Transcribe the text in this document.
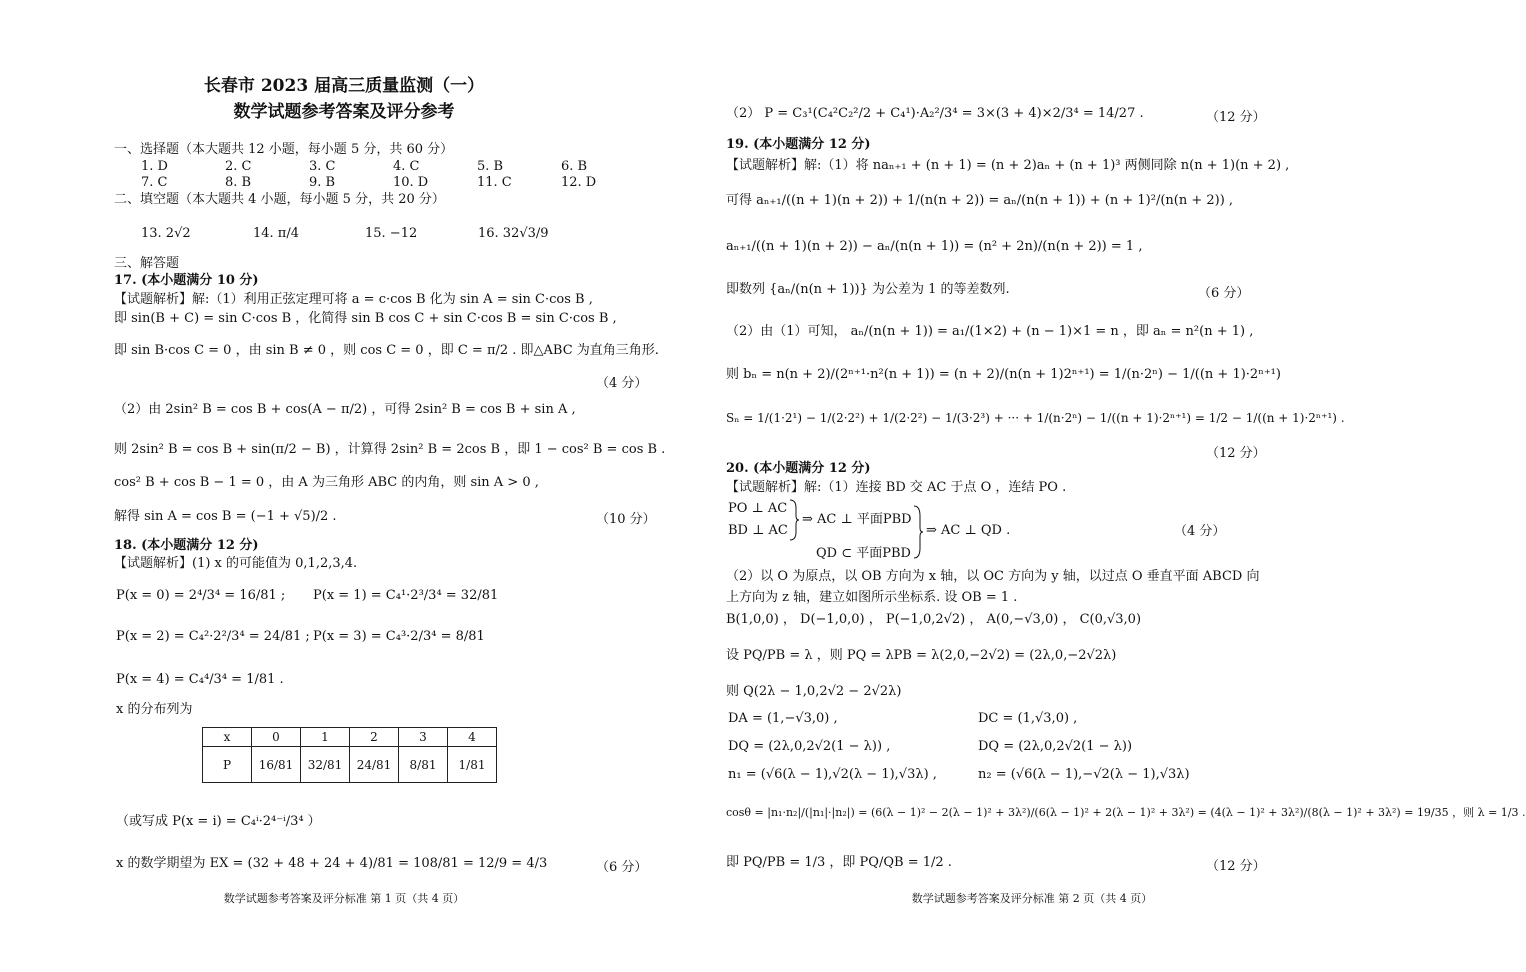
长春市 2023 届高三质量监测（一）
数学试题参考答案及评分参考
一、选择题（本大题共 12 小题，每小题 5 分，共 60 分）
1. D	2. C	3. C	4. C	5. B	6. B
7. C	8. B	9. B	10. D	11. C	12. D
二、填空题（本大题共 4 小题，每小题 5 分，共 20 分）
13. 2√2	14. π/4	15. −12	16. 32√3/9
三、解答题
17. (本小题满分 10 分)
【试题解析】解:（1）利用正弦定理可将 a = c·cos B 化为 sin A = sin C·cos B ,
即 sin(B + C) = sin C·cos B ，化简得 sin B cos C + sin C·cos B = sin C·cos B ,
即 sin B·cos C = 0 ，由 sin B ≠ 0 ，则 cos C = 0 ，即 C = π/2 . 即△ABC 为直角三角形.
（4 分）
（2）由 2sin² B = cos B + cos(A − π/2) ，可得 2sin² B = cos B + sin A ,
则 2sin² B = cos B + sin(π/2 − B) ，计算得 2sin² B = 2cos B ，即 1 − cos² B = cos B .
cos² B + cos B − 1 = 0 ，由 A 为三角形 ABC 的内角，则 sin A > 0 ,
解得 sin A = cos B = (−1 + √5)/2 .	（10 分）
18. (本小题满分 12 分)
【试题解析】(1) x 的可能值为 0,1,2,3,4.
P(x = 0) = 2⁴/3⁴ = 16/81 ; P(x = 1) = C₄¹·2³/3⁴ = 32/81
P(x = 2) = C₄²·2²/3⁴ = 24/81 ; P(x = 3) = C₄³·2/3⁴ = 8/81
P(x = 4) = C₄⁴/3⁴ = 1/81 .
x 的分布列为
x	0	1	2	3	4
P	16/81	32/81	24/81	8/81	1/81
（或写成 P(x = i) = C₄ⁱ·2⁴⁻ⁱ/3⁴ ）
x 的数学期望为 EX = (32 + 48 + 24 + 4)/81 = 108/81 = 12/9 = 4/3	（6 分）
数学试题参考答案及评分标准 第 1 页（共 4 页）
（2） P = C₃¹(C₄²C₂²/2 + C₄¹)·A₂²/3⁴ = 3×(3 + 4)×2/3⁴ = 14/27 .	（12 分）
19. (本小题满分 12 分)
【试题解析】解:（1）将 naₙ₊₁ + (n + 1) = (n + 2)aₙ + (n + 1)³ 两侧同除 n(n + 1)(n + 2) ,
可得 aₙ₊₁/((n + 1)(n + 2)) + 1/(n(n + 2)) = aₙ/(n(n + 1)) + (n + 1)²/(n(n + 2)) ,
aₙ₊₁/((n + 1)(n + 2)) − aₙ/(n(n + 1)) = (n² + 2n)/(n(n + 2)) = 1 ,
即数列 {aₙ/(n(n + 1))} 为公差为 1 的等差数列.	（6 分）
（2）由（1）可知， aₙ/(n(n + 1)) = a₁/(1×2) + (n − 1)×1 = n ，即 aₙ = n²(n + 1) ,
则 bₙ = n(n + 2)/(2ⁿ⁺¹·n²(n + 1)) = (n + 2)/(n(n + 1)2ⁿ⁺¹) = 1/(n·2ⁿ) − 1/((n + 1)·2ⁿ⁺¹)
Sₙ = 1/(1·2¹) − 1/(2·2²) + 1/(2·2²) − 1/(3·2³) + ··· + 1/(n·2ⁿ) − 1/((n + 1)·2ⁿ⁺¹) = 1/2 − 1/((n + 1)·2ⁿ⁺¹) .
（12 分）
20. (本小题满分 12 分)
【试题解析】解:（1）连接 BD 交 AC 于点 O ，连结 PO .
PO ⊥ AC
BD ⊥ AC
⇒ AC ⊥ 平面PBD
QD ⊂ 平面PBD
⇒ AC ⊥ QD .	（4 分）
（2）以 O 为原点，以 OB 方向为 x 轴，以 OC 方向为 y 轴，以过点 O 垂直平面 ABCD 向
上方向为 z 轴，建立如图所示坐标系. 设 OB = 1 .
B(1,0,0) ， D(−1,0,0) ， P(−1,0,2√2) ， A(0,−√3,0) ， C(0,√3,0)
设 PQ/PB = λ ，则 PQ = λPB = λ(2,0,−2√2) = (2λ,0,−2√2λ)
则 Q(2λ − 1,0,2√2 − 2√2λ)
DA = (1,−√3,0) ,	DC = (1,√3,0) ,
DQ = (2λ,0,2√2(1 − λ)) ,	DQ = (2λ,0,2√2(1 − λ))
n₁ = (√6(λ − 1),√2(λ − 1),√3λ) ,	n₂ = (√6(λ − 1),−√2(λ − 1),√3λ)
cosθ = |n₁·n₂|/(|n₁|·|n₂|) = (6(λ − 1)² − 2(λ − 1)² + 3λ²)/(6(λ − 1)² + 2(λ − 1)² + 3λ²) = (4(λ − 1)² + 3λ²)/(8(λ − 1)² + 3λ²) = 19/35 ，则 λ = 1/3 .
即 PQ/PB = 1/3 ，即 PQ/QB = 1/2 .	（12 分）
数学试题参考答案及评分标准 第 2 页（共 4 页）
